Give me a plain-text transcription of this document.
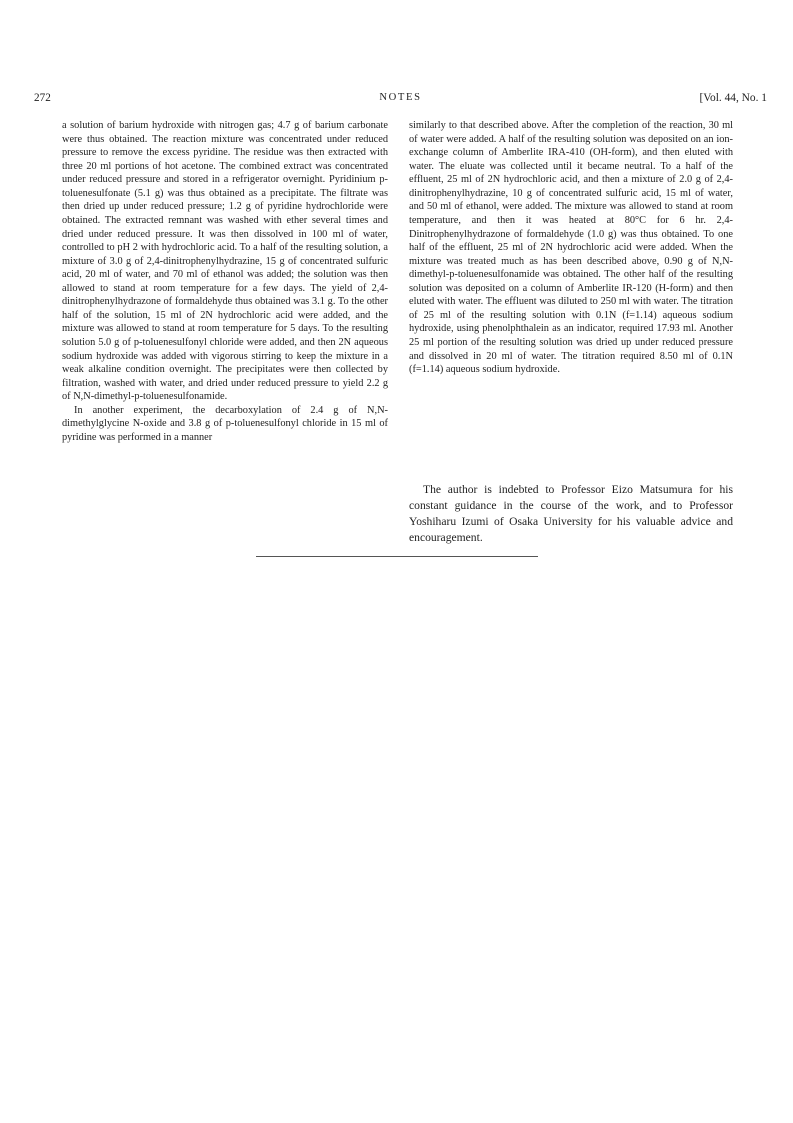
272	NOTES	[Vol. 44, No. 1

a solution of barium hydroxide with nitrogen gas; 4.7 g of barium carbonate were thus obtained. The reaction mixture was concentrated under reduced pressure to remove the excess pyridine. The residue was then extracted with three 20 ml portions of hot acetone. The combined extract was concentrated under reduced pressure and stored in a refrigerator overnight. Pyridinium p-toluenesulfonate (5.1 g) was thus obtained as a precipitate. The filtrate was then dried up under reduced pressure; 1.2 g of pyridine hydrochloride were obtained. The extracted remnant was washed with ether several times and dried under reduced pressure. It was then dissolved in 100 ml of water, controlled to pH 2 with hydrochloric acid. To a half of the resulting solution, a mixture of 3.0 g of 2,4-dinitrophenylhydrazine, 15 g of concentrated sulfuric acid, 20 ml of water, and 70 ml of ethanol was added; the solution was then allowed to stand at room temperature for a few days. The yield of 2,4-dinitrophenylhydrazone of formaldehyde thus obtained was 3.1 g. To the other half of the solution, 15 ml of 2N hydrochloric acid were added, and the mixture was allowed to stand at room temperature for 5 days. To the resulting solution 5.0 g of p-toluenesulfonyl chloride were added, and then 2N aqueous sodium hydroxide was added with vigorous stirring to keep the mixture in a weak alkaline condition overnight. The precipitates were then collected by filtration, washed with water, and dried under reduced pressure to yield 2.2 g of N,N-dimethyl-p-toluenesulfonamide.

In another experiment, the decarboxylation of 2.4 g of N,N-dimethylglycine N-oxide and 3.8 g of p-toluenesulfonyl chloride in 15 ml of pyridine was performed in a manner

similarly to that described above. After the completion of the reaction, 30 ml of water were added. A half of the resulting solution was deposited on an ion-exchange column of Amberlite IRA-410 (OH-form), and then eluted with water. The eluate was collected until it became neutral. To a half of the effluent, 25 ml of 2N hydrochloric acid, and then a mixture of 2.0 g of 2,4-dinitrophenylhydrazine, 10 g of concentrated sulfuric acid, 15 ml of water, and 50 ml of ethanol, were added. The mixture was allowed to stand at room temperature, and then it was heated at 80°C for 6 hr. 2,4-Dinitrophenylhydrazone of formaldehyde (1.0 g) was thus obtained. To one half of the effluent, 25 ml of 2N hydrochloric acid were added. When the mixture was treated much as has been described above, 0.90 g of N,N-dimethyl-p-toluenesulfonamide was obtained. The other half of the resulting solution was deposited on a column of Amberlite IR-120 (H-form) and then eluted with water. The effluent was diluted to 250 ml with water. The titration of 25 ml of the resulting solution with 0.1N (f=1.14) aqueous sodium hydroxide, using phenolphthalein as an indicator, required 17.93 ml. Another 25 ml portion of the resulting solution was dried up under reduced pressure and dissolved in 20 ml of water. The titration required 8.50 ml of 0.1N (f=1.14) aqueous sodium hydroxide.

The author is indebted to Professor Eizo Matsumura for his constant guidance in the course of the work, and to Professor Yoshiharu Izumi of Osaka University for his valuable advice and encouragement.
